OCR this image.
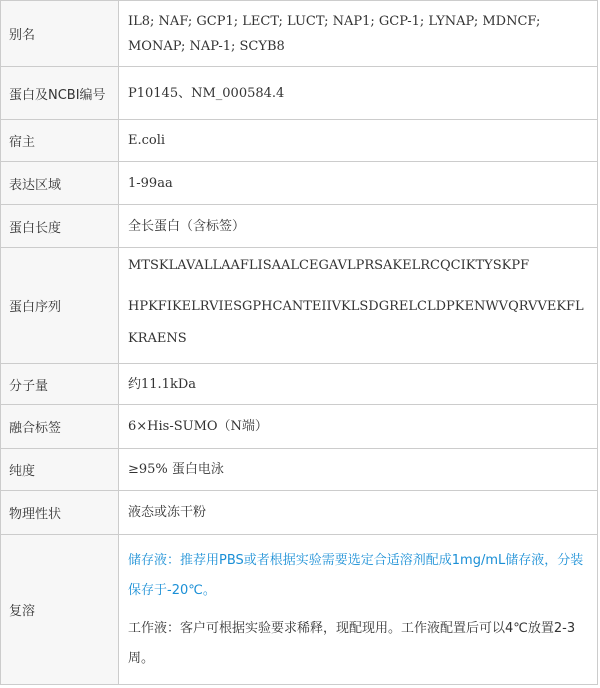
别名	IL8; NAF; GCP1; LECT; LUCT; NAP1; GCP-1; LYNAP; MDNCF; MONAP; NAP-1; SCYB8
蛋白及NCBI编号	P10145、NM_000584.4
宿主	E.coli
表达区域	1-99aa
蛋白长度	全长蛋白（含标签）
蛋白序列	MTSKLAVALLAAFLISAALCEGAVLPRSAKELRCQCIKTYSKPF

HPKFIKELRVIESGPHCANTEIIVKLSDGRELCLDPKENWVQRVVEKFLKRAENS

分子量	约11.1kDa
融合标签	6×His-SUMO（N端）
纯度	≥95% 蛋白电泳
物理性状	液态或冻干粉
复溶	储存液：推荐用PBS或者根据实验需要选定合适溶剂配成1mg/mL储存液，分装保存于-20℃。

工作液：客户可根据实验要求稀释，现配现用。工作液配置后可以4℃放置2-3周。
